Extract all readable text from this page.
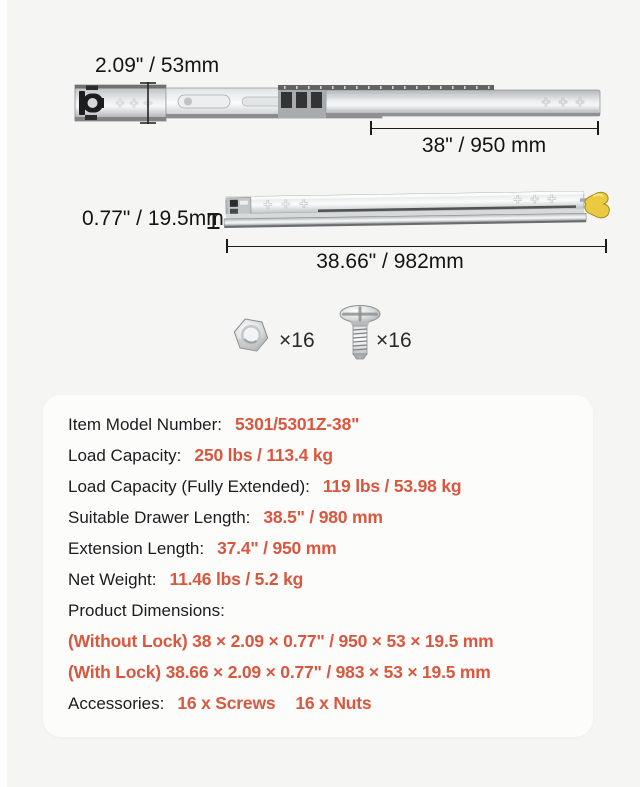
2.09" / 53mm
38" / 950 mm
0.77" / 19.5mm
38.66" / 982mm
×16	×16
Item Model Number: 5301/5301Z-38"
Load Capacity: 250 lbs / 113.4 kg
Load Capacity (Fully Extended): 119 lbs / 53.98 kg
Suitable Drawer Length: 38.5" / 980 mm
Extension Length: 37.4" / 950 mm
Net Weight: 11.46 lbs / 5.2 kg
Product Dimensions:
(Without Lock) 38 × 2.09 × 0.77" / 950 × 53 × 19.5 mm
(With Lock) 38.66 × 2.09 × 0.77" / 983 × 53 × 19.5 mm
Accessories: 16 x Screws 16 x Nuts
